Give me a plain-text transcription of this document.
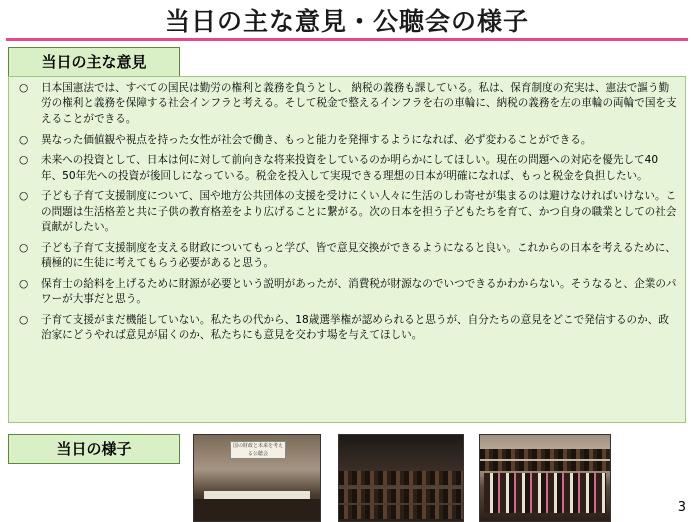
当日の主な意見・公聴会の様子
当日の主な意見

○ 日本国憲法では、すべての国民は勤労の権利と義務を負うとし、 納税の義務も課している。私は、保育制度の充実は、憲法で謳う勤労の権利と義務を保障する社会インフラと考える。そして税金で整えるインフラを右の車輪に、納税の義務を左の車輪の両輪で国を支えることができる。

○ 異なった価値観や視点を持った女性が社会で働き、もっと能力を発揮するようになれば、必ず変わることができる。

○ 未来への投資として、日本は何に対して前向きな将来投資をしているのか明らかにしてほしい。現在の問題への対応を優先して40年、50年先への投資が後回しになっている。税金を投入して実現できる理想の日本が明確になれば、もっと税金を負担したい。

○ 子ども子育て支援制度について、国や地方公共団体の支援を受けにくい人々に生活のしわ寄せが集まるのは避けなければいけない。この問題は生活格差と共に子供の教育格差をより広げることに繋がる。次の日本を担う子どもたちを育て、かつ自身の職業としての社会貢献がしたい。

○ 子ども子育て支援制度を支える財政についてもっと学び、皆で意見交換ができるようになると良い。これからの日本を考えるために、積極的に生徒に考えてもらう必要があると思う。

○ 保育士の給料を上げるために財源が必要という説明があったが、消費税が財源なのでいつできるかわからない。そうなると、企業のパワーが大事だと思う。

○ 子育て支援がまだ機能していない。私たちの代から、18歳選挙権が認められると思うが、自分たちの意見をどこで発信するのか、政治家にどうやれば意見が届くのか、私たちにも意見を交わす場を与えてほしい。

当日の様子	国の財政と未来を考える公聴会
3
